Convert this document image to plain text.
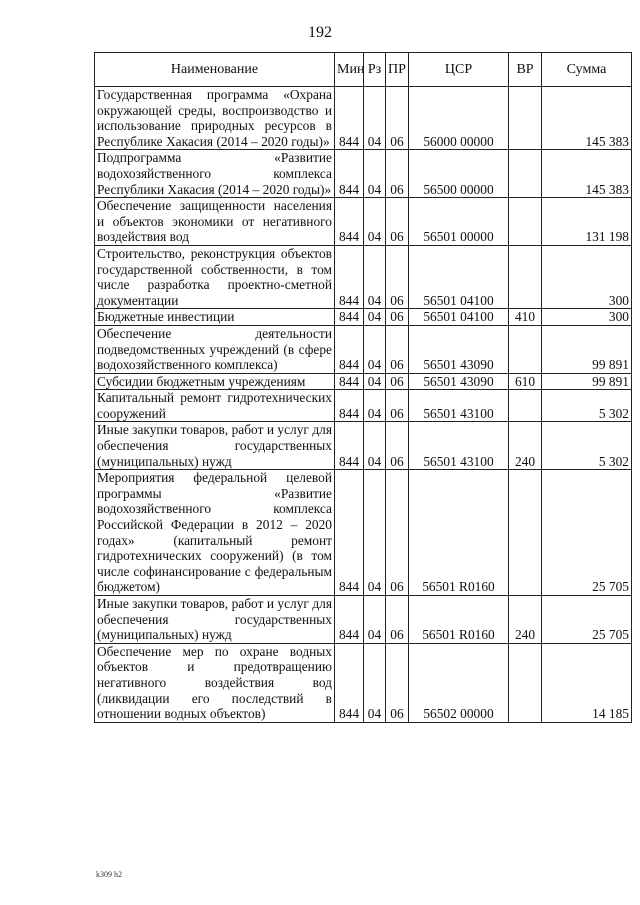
192
Наименование	Мин	Рз	ПР	ЦСР	ВР	Сумма
Государственная программа «Охрана окружающей среды, воспроизводство и использование природных ресурсов в Республике Хакасия (2014 – 2020 годы)»	844	04	06	56000 00000		145 383
Подпрограмма «Развитие водохозяйственного комплекса Республики Хакасия (2014 – 2020 годы)»	844	04	06	56500 00000		145 383
Обеспечение защищенности населения и объектов экономики от негативного воздействия вод	844	04	06	56501 00000		131 198
Строительство, реконструкция объектов государственной собственности, в том числе разработка проектно-сметной документации	844	04	06	56501 04100		300
Бюджетные инвестиции	844	04	06	56501 04100	410	300
Обеспечение деятельности подведомственных учреждений (в сфере водохозяйственного комплекса)	844	04	06	56501 43090		99 891
Субсидии бюджетным учреждениям	844	04	06	56501 43090	610	99 891
Капитальный ремонт гидротехнических сооружений	844	04	06	56501 43100		5 302
Иные закупки товаров, работ и услуг для обеспечения государственных (муниципальных) нужд	844	04	06	56501 43100	240	5 302
Мероприятия федеральной целевой программы «Развитие водохозяйственного комплекса Российской Федерации в 2012 – 2020 годах» (капитальный ремонт гидротехнических сооружений) (в том числе софинансирование с федеральным бюджетом)	844	04	06	56501 R0160		25 705
Иные закупки товаров, работ и услуг для обеспечения государственных (муниципальных) нужд	844	04	06	56501 R0160	240	25 705
Обеспечение мер по охране водных объектов и предотвращению негативного воздействия вод (ликвидации его последствий в отношении водных объектов)	844	04	06	56502 00000		14 185
k309 h2
